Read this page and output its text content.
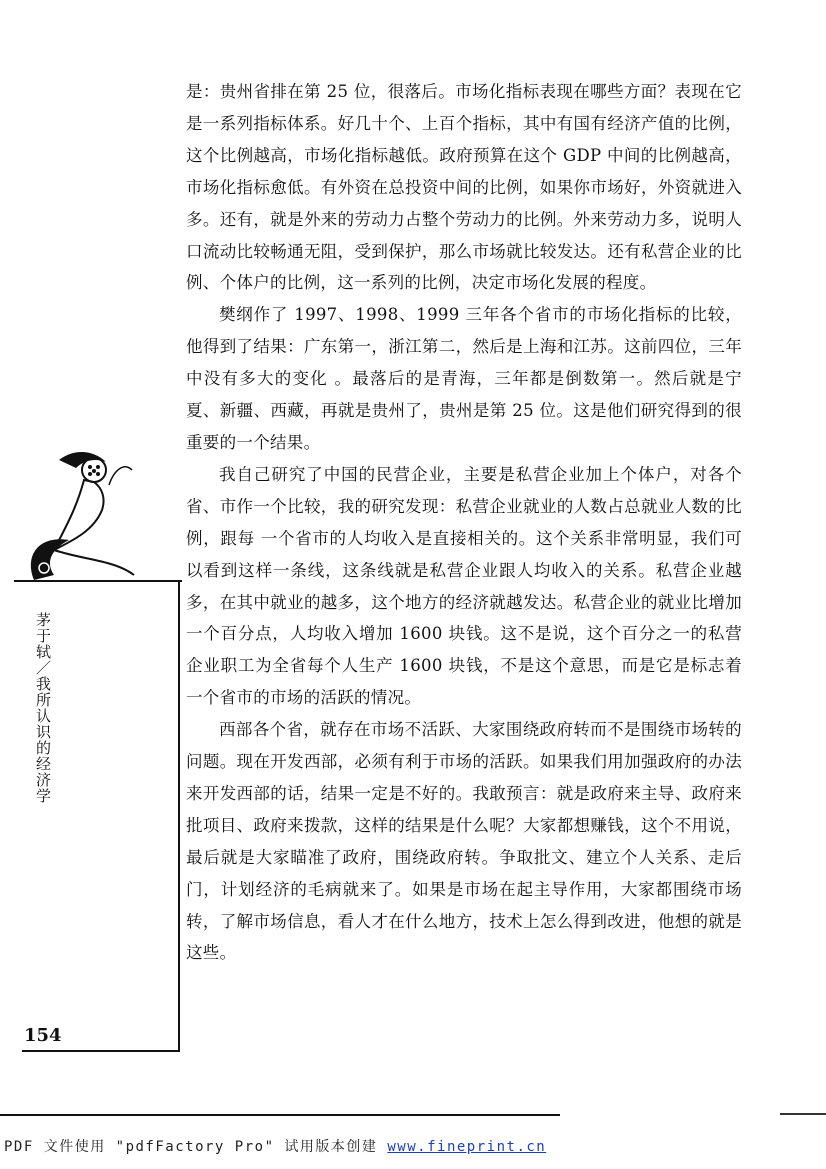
是：贵州省排在第 25 位，很落后。市场化指标表现在哪些方面？表现在它是一系列指标体系。好几十个、上百个指标，其中有国有经济产值的比例，这个比例越高，市场化指标越低。政府预算在这个 GDP 中间的比例越高，市场化指标愈低。有外资在总投资中间的比例，如果你市场好，外资就进入多。还有，就是外来的劳动力占整个劳动力的比例。外来劳动力多，说明人口流动比较畅通无阻，受到保护，那么市场就比较发达。还有私营企业的比例、个体户的比例，这一系列的比例，决定市场化发展的程度。

樊纲作了 1997、1998、1999 三年各个省市的市场化指标的比较，他得到了结果：广东第一，浙江第二，然后是上海和江苏。这前四位，三年中没有多大的变化 。最落后的是青海，三年都是倒数第一。然后就是宁夏、新疆、西藏，再就是贵州了，贵州是第 25 位。这是他们研究得到的很重要的一个结果。

我自己研究了中国的民营企业，主要是私营企业加上个体户，对各个省、市作一个比较，我的研究发现：私营企业就业的人数占总就业人数的比例，跟每 一个省市的人均收入是直接相关的。这个关系非常明显，我们可以看到这样一条线，这条线就是私营企业跟人均收入的关系。私营企业越多，在其中就业的越多，这个地方的经济就越发达。私营企业的就业比增加一个百分点，人均收入增加 1600 块钱。这不是说，这个百分之一的私营企业职工为全省每个人生产 1600 块钱，不是这个意思，而是它是标志着一个省市的市场的活跃的情况。

西部各个省，就存在市场不活跃、大家围绕政府转而不是围绕市场转的问题。现在开发西部，必须有利于市场的活跃。如果我们用加强政府的办法来开发西部的话，结果一定是不好的。我敢预言：就是政府来主导、政府来批项目、政府来拨款，这样的结果是什么呢？大家都想赚钱，这个不用说，最后就是大家瞄准了政府，围绕政府转。争取批文、建立个人关系、走后门，计划经济的毛病就来了。如果是市场在起主导作用，大家都围绕市场转，了解市场信息，看人才在什么地方，技术上怎么得到改进，他想的就是这些。

茅于轼／我所认识的经济学
154
PDF 文件使用 "pdfFactory Pro" 试用版本创建 www.fineprint.cn
